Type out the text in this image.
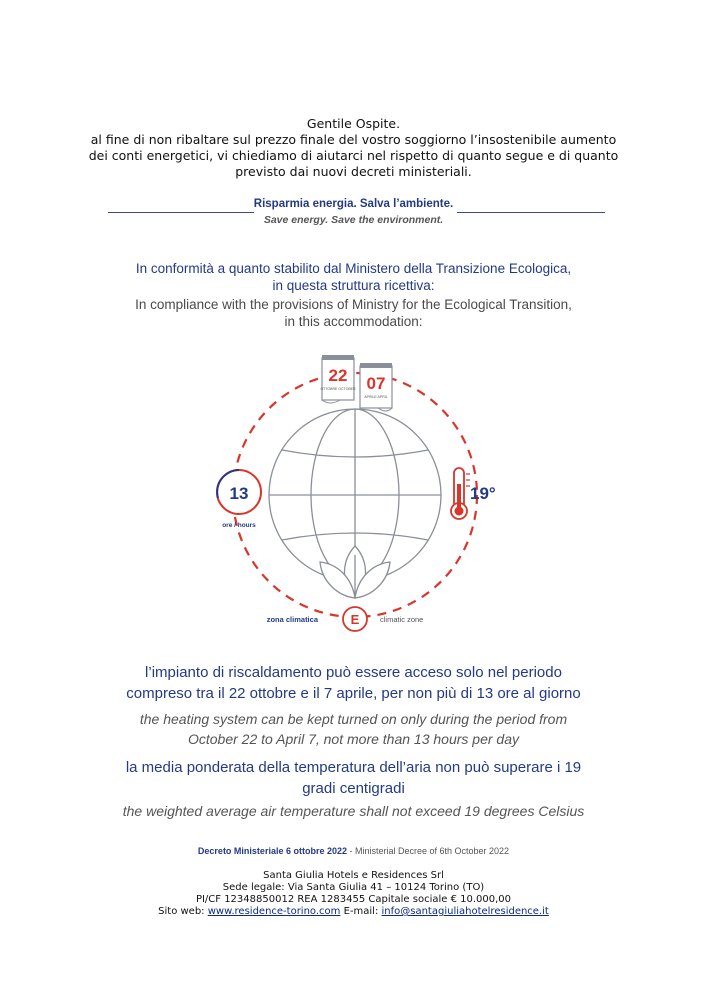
Gentile Ospite.
al fine di non ribaltare sul prezzo finale del vostro soggiorno l’insostenibile aumento
dei conti energetici, vi chiediamo di aiutarci nel rispetto di quanto segue e di quanto
previsto dai nuovi decreti ministeriali.
Risparmia energia. Salva l’ambiente.
Save energy. Save the environment.
In conformità a quanto stabilito dal Ministero della Transizione Ecologica,
in questa struttura ricettiva:
In compliance with the provisions of Ministry for the Ecological Transition,
in this accommodation:
22
OTTOBRE OCTOBER 07
APRILE APRIL
13
ore / hours
19°
zona climatica	E	climatic zone
l’impianto di riscaldamento può essere acceso solo nel periodo
compreso tra il 22 ottobre e il 7 aprile, per non più di 13 ore al giorno
the heating system can be kept turned on only during the period from
October 22 to April 7, not more than 13 hours per day
la media ponderata della temperatura dell’aria non può superare i 19
gradi centigradi
the weighted average air temperature shall not exceed 19 degrees Celsius
Decreto Ministeriale 6 ottobre 2022 - Ministerial Decree of 6th October 2022
Santa Giulia Hotels e Residences Srl
Sede legale: Via Santa Giulia 41 – 10124 Torino (TO)
PI/CF 12348850012 REA 1283455 Capitale sociale € 10.000,00
Sito web: www.residence-torino.com E-mail: info@santagiuliahotelresidence.it
